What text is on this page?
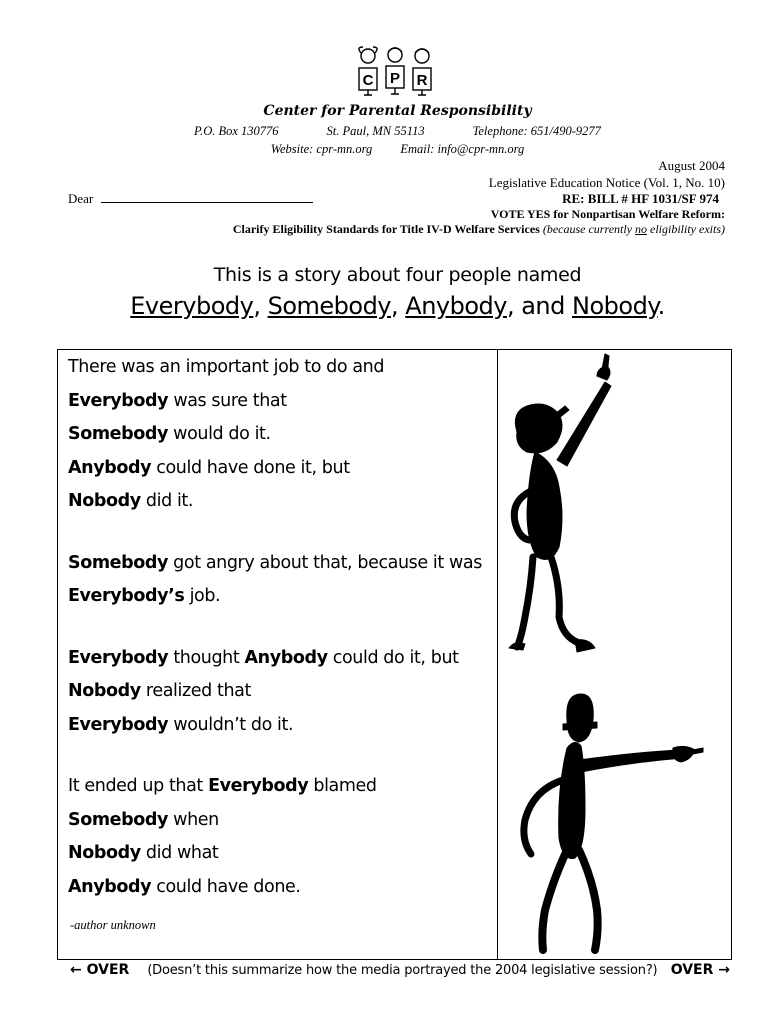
C P R
Center for Parental Responsibility
P.O. Box 130776	St. Paul, MN 55113	Telephone: 651/490-9277
Website: cpr-mn.org Email: info@cpr-mn.org
August 2004
Legislative Education Notice (Vol. 1, No. 10)
RE: BILL # HF 1031/SF 974
VOTE YES for Nonpartisan Welfare Reform:
Clarify Eligibility Standards for Title IV-D Welfare Services (because currently no eligibility exits)
Dear
This is a story about four people named
Everybody, Somebody, Anybody, and Nobody.
There was an important job to do and
Everybody was sure that
Somebody would do it.
Anybody could have done it, but
Nobody did it.
Somebody got angry about that, because it was
Everybody’s job.
Everybody thought Anybody could do it, but
Nobody realized that
Everybody wouldn’t do it.
It ended up that Everybody blamed
Somebody when
Nobody did what
Anybody could have done.
-author unknown
← OVER (Doesn’t this summarize how the media portrayed the 2004 legislative session?) OVER →
